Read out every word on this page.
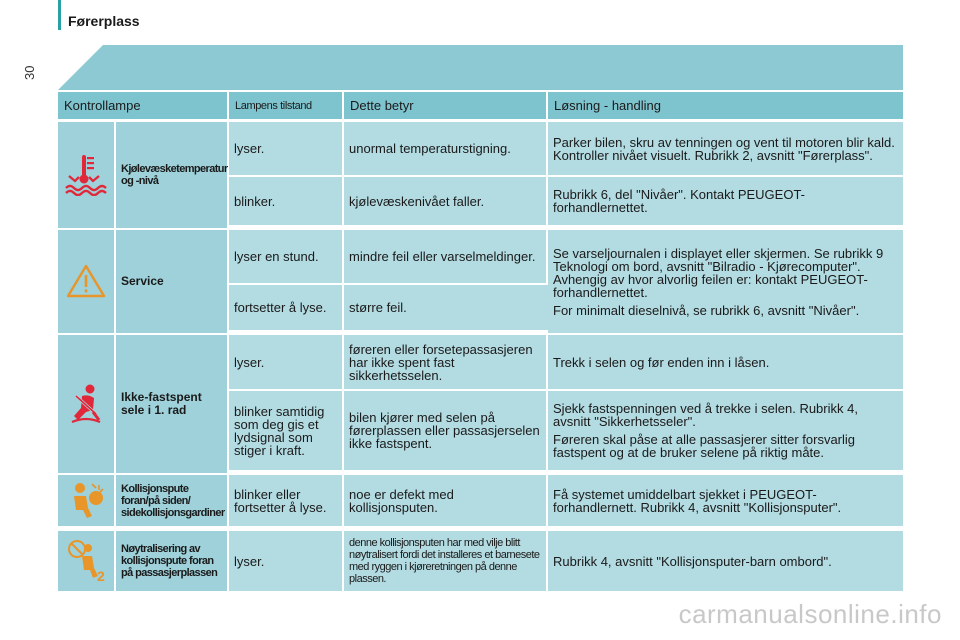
Førerplass
30
Kontrollampe		Lampens tilstand	Dette betyr	Løsning - handling
	Kjølevæsketemperatur og -nivå	lyser.	unormal temperaturstigning.	Parker bilen, skru av tenningen og vent til motoren blir kald. Kontroller nivået visuelt. Rubrikk 2, avsnitt "Førerplass".
		blinker.	kjølevæskenivået faller.	Rubrikk 6, del "Nivåer". Kontakt PEUGEOT-forhandlernettet.
	Service	lyser en stund.	mindre feil eller varselmeldinger.	Se varseljournalen i displayet eller skjermen. Se rubrikk 9 Teknologi om bord, avsnitt "Bilradio - Kjørecomputer". Avhengig av hvor alvorlig feilen er: kontakt PEUGEOT-forhandlernettet.
For minimalt dieselnivå, se rubrikk 6, avsnitt "Nivåer".

		fortsetter å lyse.	større feil.	
	Ikke-fastspent sele i 1. rad	lyser.	føreren eller forsetepassasjeren har ikke spent fast sikkerhetsselen.	Trekk i selen og før enden inn i låsen.
		blinker samtidig som deg gis et lydsignal som stiger i kraft.	bilen kjører med selen på førerplassen eller passasjerselen ikke fastspent.	Sjekk fastspenningen ved å trekke i selen. Rubrikk 4, avsnitt "Sikkerhetsseler".
Føreren skal påse at alle passasjerer sitter forsvarlig fastspent og at de bruker selene på riktig måte.

	Kollisjonspute foran/på siden/ sidekollisjonsgardiner	blinker eller fortsetter å lyse.	noe er defekt med kollisjonsputen.	Få systemet umiddelbart sjekket i PEUGEOT-forhandlernett. Rubrikk 4, avsnitt "Kollisjonsputer".

2	Nøytralisering av kollisjonspute foran på passasjerplassen	lyser.	denne kollisjonsputen har med vilje blitt nøytralisert fordi det installeres et barnesete med ryggen i kjøreretningen på denne plassen.	Rubrikk 4, avsnitt "Kollisjonsputer-barn ombord".
carmanualsonline.info
